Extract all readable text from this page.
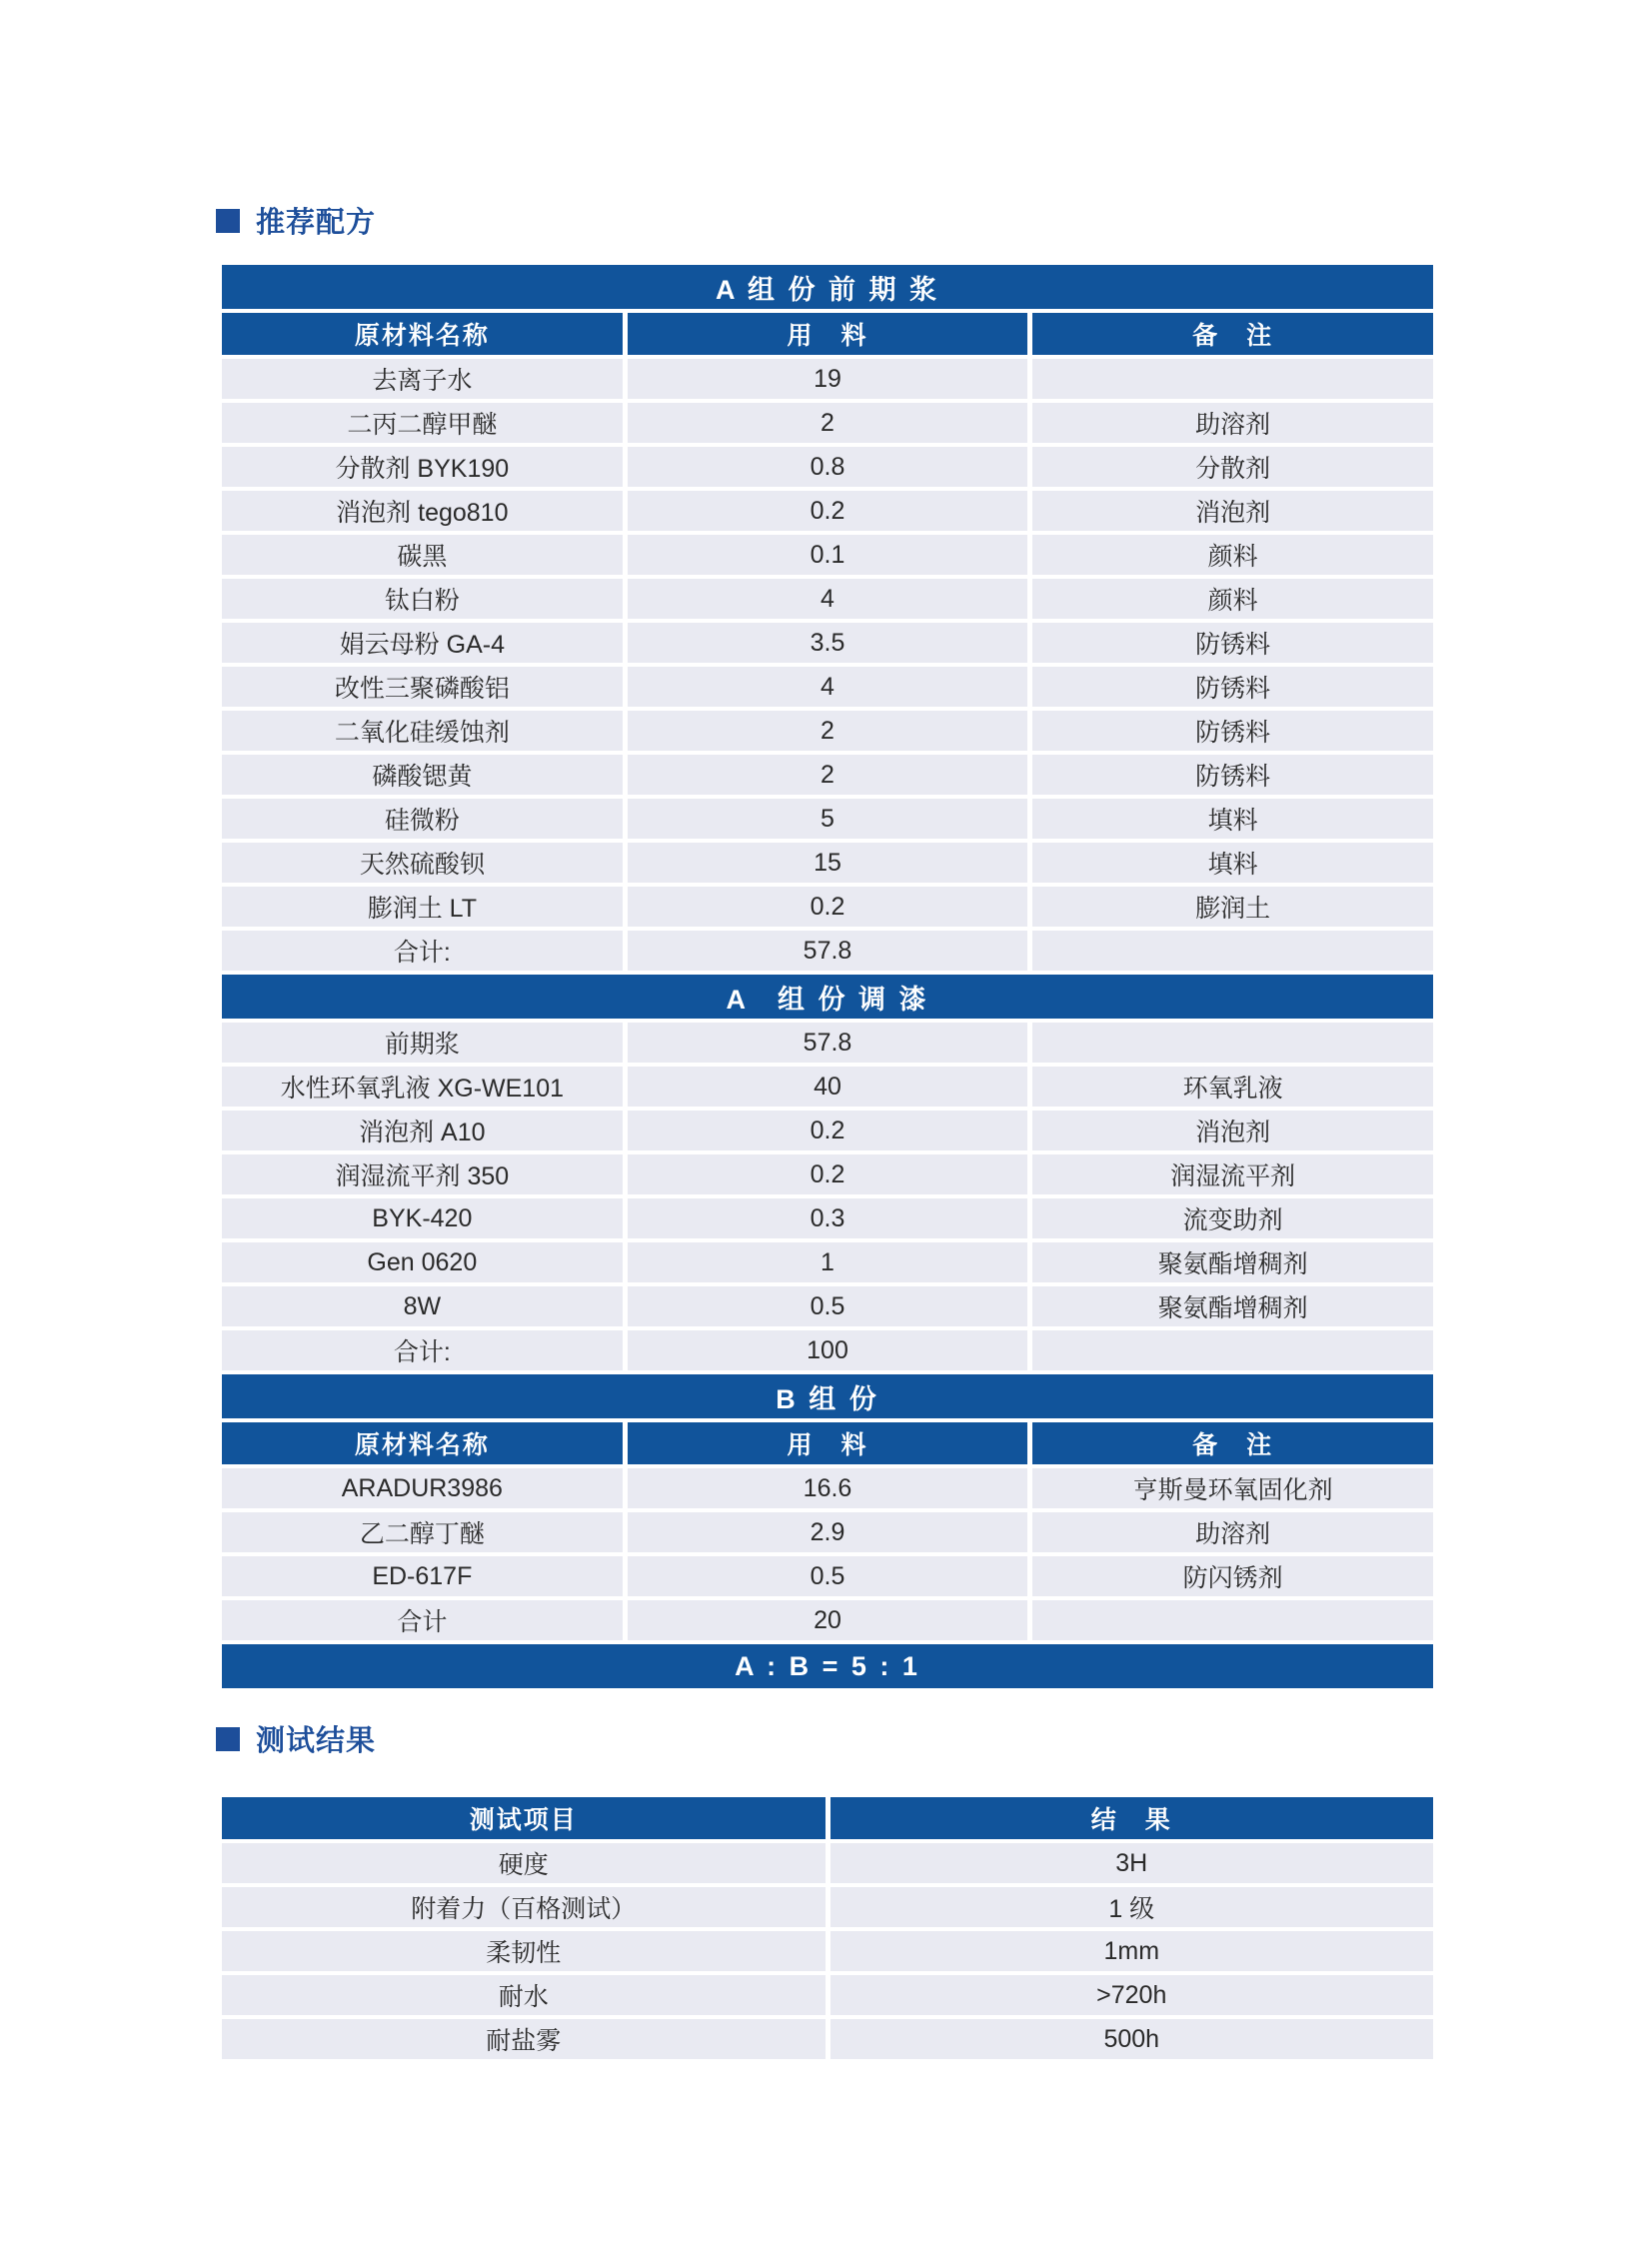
推荐配方
A 组 份 前 期 浆
原材料名称	用　料	备　注
去离子水	19
二丙二醇甲醚	2	助溶剂
分散剂 BYK190	0.8	分散剂
消泡剂 tego810	0.2	消泡剂
碳黑	0.1	颜料
钛白粉	4	颜料
娟云母粉 GA-4	3.5	防锈料
改性三聚磷酸铝	4	防锈料
二氧化硅缓蚀剂	2	防锈料
磷酸锶黄	2	防锈料
硅微粉	5	填料
天然硫酸钡	15	填料
膨润土 LT	0.2	膨润土
合计:	57.8
A　组 份 调 漆
前期浆	57.8
水性环氧乳液 XG-WE101	40	环氧乳液
消泡剂 A10	0.2	消泡剂
润湿流平剂 350	0.2	润湿流平剂
BYK-420	0.3	流变助剂
Gen 0620	1	聚氨酯增稠剂
8W	0.5	聚氨酯增稠剂
合计:	100
B 组 份
原材料名称	用　料	备　注
ARADUR3986	16.6	亨斯曼环氧固化剂
乙二醇丁醚	2.9	助溶剂
ED-617F	0.5	防闪锈剂
合计	20
A : B = 5 : 1
测试结果
测试项目	结　果
硬度	3H
附着力（百格测试）	1 级
柔韧性	1mm
耐水	>720h
耐盐雾	500h
